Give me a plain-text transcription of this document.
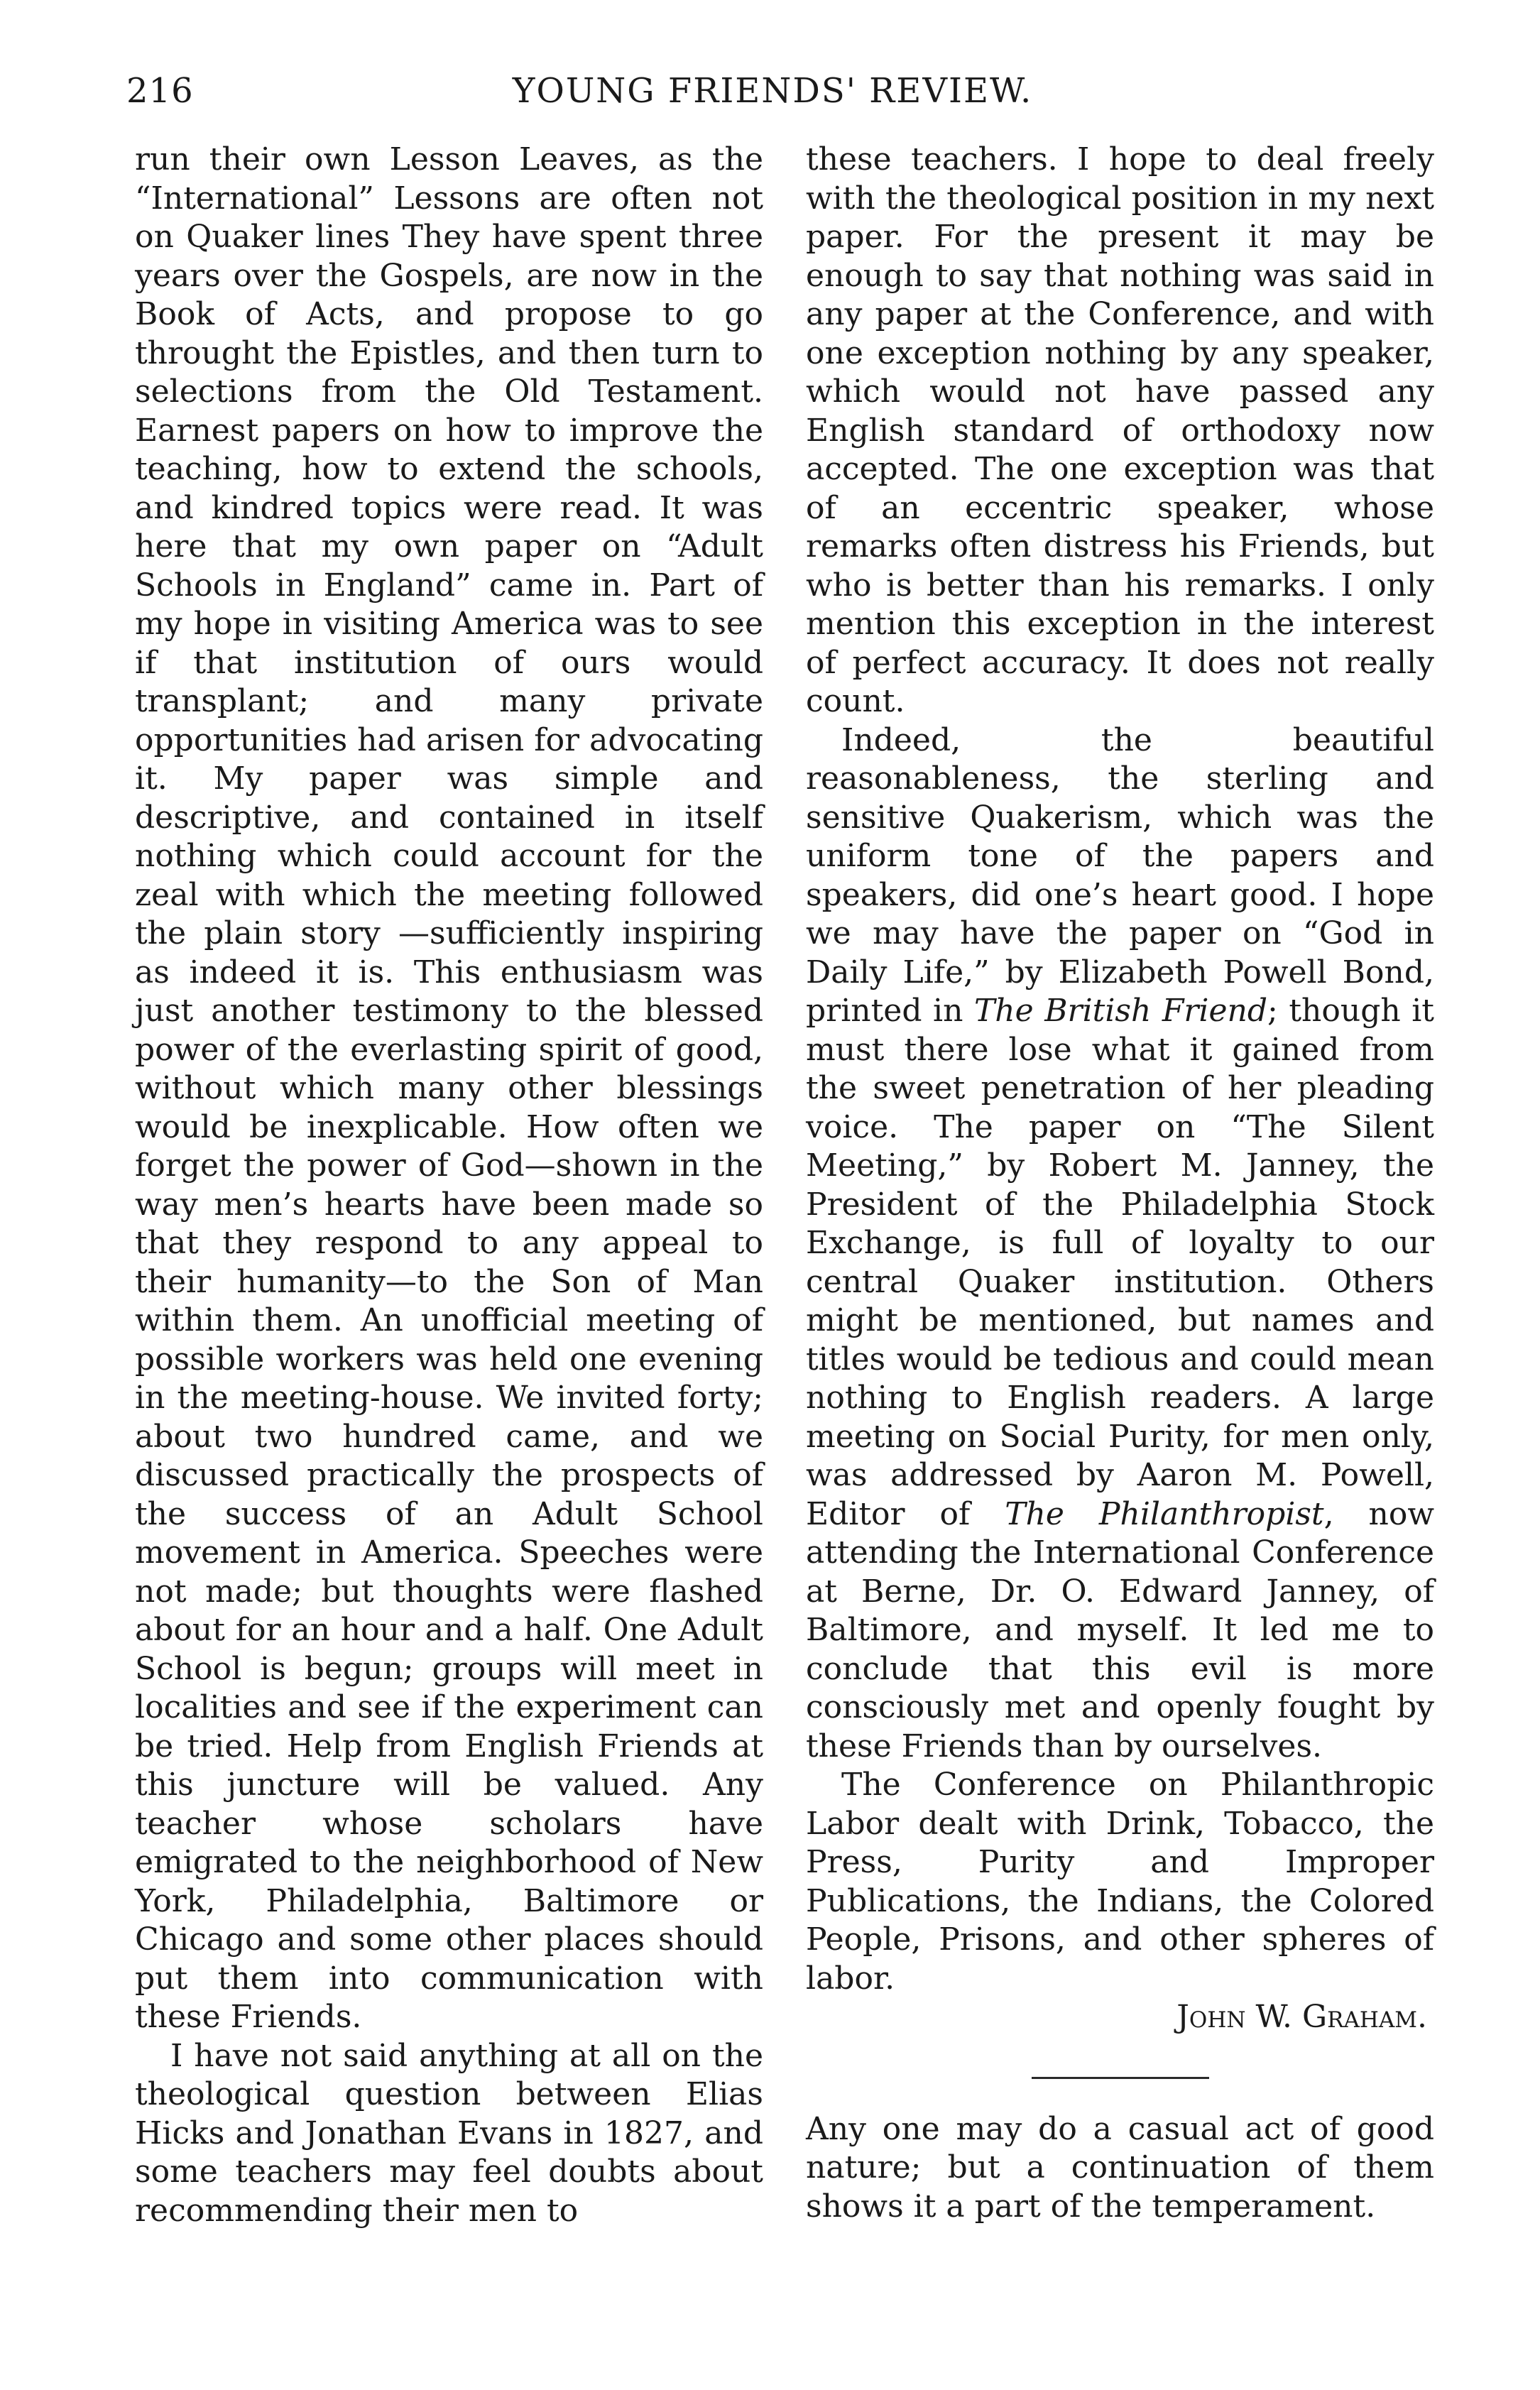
216	YOUNG FRIENDS' REVIEW.

run their own Lesson Leaves, as the “International” Lessons are often not on Quaker lines They have spent three years over the Gospels, are now in the Book of Acts, and propose to go throught the Epistles, and then turn to selections from the Old Testament. Earnest papers on how to improve the teaching, how to extend the schools, and kindred topics were read. It was here that my own paper on “Adult Schools in England” came in. Part of my hope in visiting America was to see if that institution of ours would transplant; and many private opportunities had arisen for advocating it. My paper was simple and descriptive, and contained in itself nothing which could account for the zeal with which the meeting followed the plain story —sufficiently inspiring as indeed it is. This enthusiasm was just another testimony to the blessed power of the everlasting spirit of good, without which many other blessings would be inexplicable. How often we forget the power of God—shown in the way men’s hearts have been made so that they respond to any appeal to their humanity—to the Son of Man within them. An unofficial meeting of possible workers was held one evening in the meeting-house. We invited forty; about two hundred came, and we discussed practically the prospects of the success of an Adult School movement in America. Speeches were not made; but thoughts were flashed about for an hour and a half. One Adult School is begun; groups will meet in localities and see if the experiment can be tried. Help from English Friends at this juncture will be valued. Any teacher whose scholars have emigrated to the neighborhood of New York, Philadelphia, Baltimore or Chicago and some other places should put them into communication with these Friends.

I have not said anything at all on the theological question between Elias Hicks and Jonathan Evans in 1827, and some teachers may feel doubts about recommending their men to

these teachers. I hope to deal freely with the theological position in my next paper. For the present it may be enough to say that nothing was said in any paper at the Conference, and with one exception nothing by any speaker, which would not have passed any English standard of orthodoxy now accepted. The one exception was that of an eccentric speaker, whose remarks often distress his Friends, but who is better than his remarks. I only mention this exception in the interest of perfect accuracy. It does not really count.

Indeed, the beautiful reasonableness, the sterling and sensitive Quakerism, which was the uniform tone of the papers and speakers, did one’s heart good. I hope we may have the paper on “God in Daily Life,” by Elizabeth Powell Bond, printed in The British Friend; though it must there lose what it gained from the sweet penetration of her pleading voice. The paper on “The Silent Meeting,” by Robert M. Janney, the President of the Philadelphia Stock Exchange, is full of loyalty to our central Quaker institution. Others might be mentioned, but names and titles would be tedious and could mean nothing to English readers. A large meeting on Social Purity, for men only, was addressed by Aaron M. Powell, Editor of The Philanthropist, now attending the International Conference at Berne, Dr. O. Edward Janney, of Baltimore, and myself. It led me to conclude that this evil is more consciously met and openly fought by these Friends than by ourselves.

The Conference on Philanthropic Labor dealt with Drink, Tobacco, the Press, Purity and Improper Publications, the Indians, the Colored People, Prisons, and other spheres of labor.

John W. Graham.

Any one may do a casual act of good nature; but a continuation of them shows it a part of the temperament.
